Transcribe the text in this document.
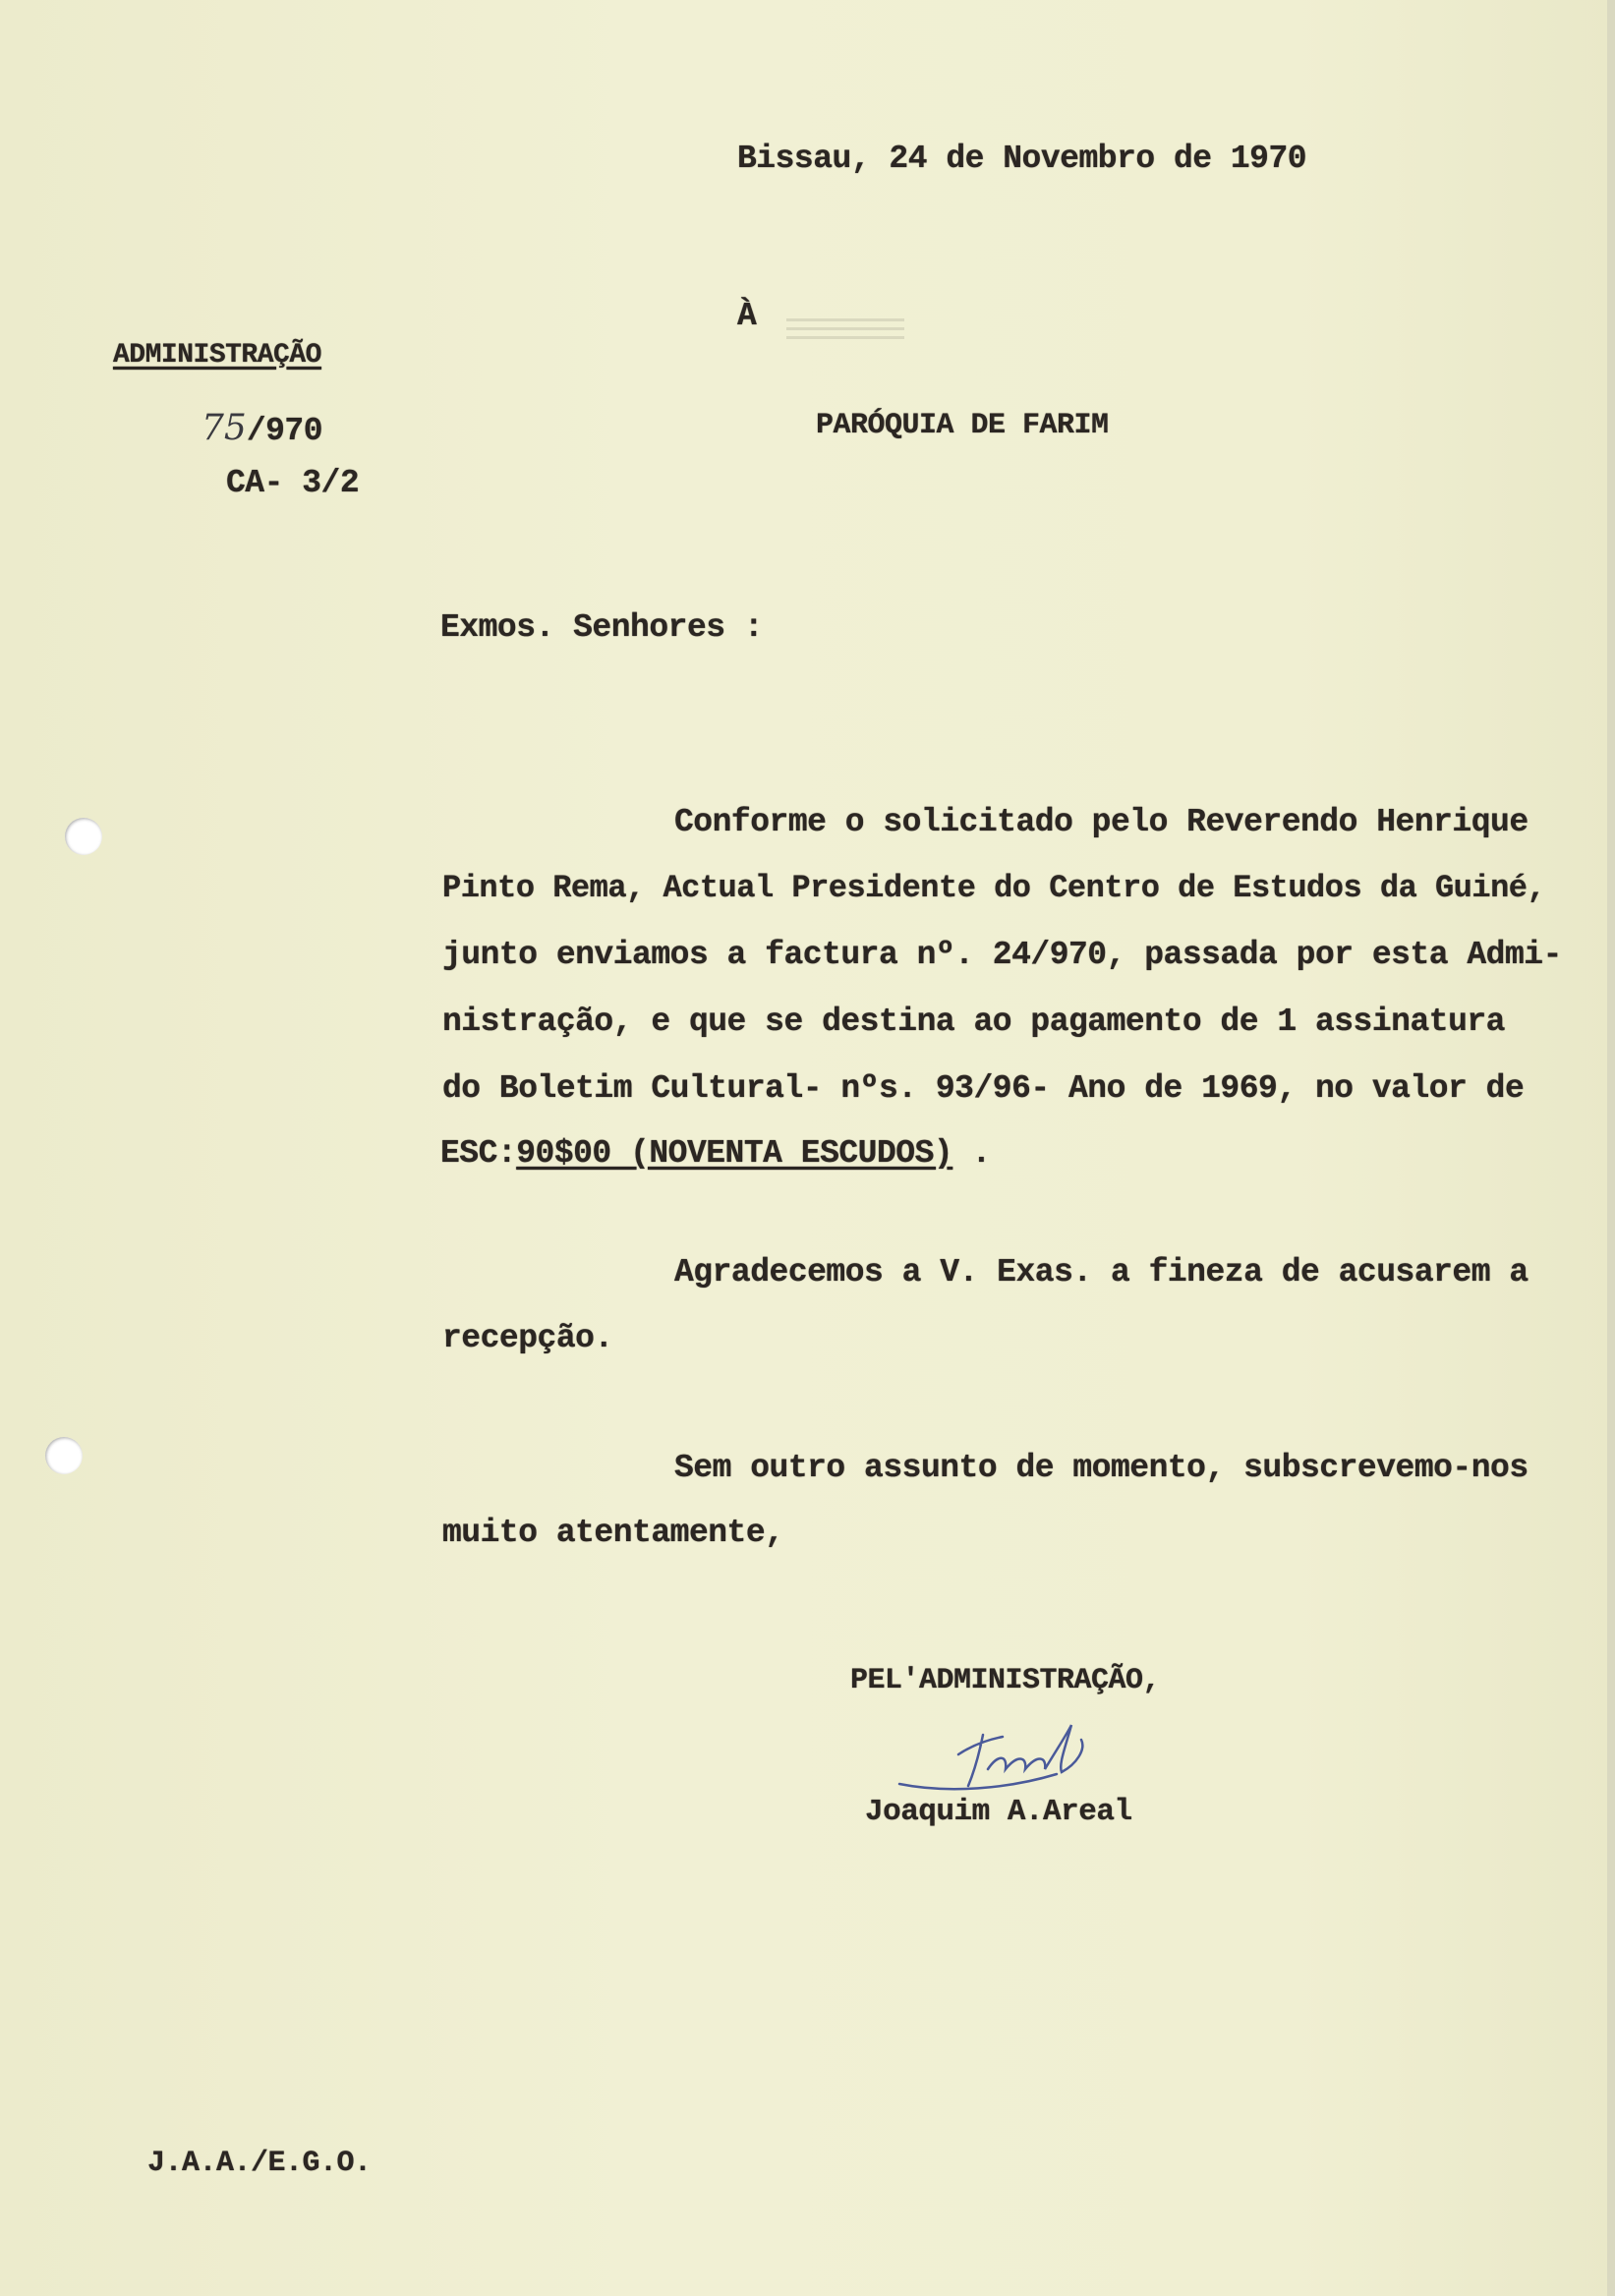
Bissau, 24 de Novembro de 1970
À
ADMINISTRAÇÃO
75/970
CA- 3/2
PARÓQUIA DE FARIM
Exmos. Senhores :
Conforme o solicitado pelo Reverendo Henrique
Pinto Rema, Actual Presidente do Centro de Estudos da Guiné,
junto enviamos a factura nº. 24/970, passada por esta Admi-
nistração, e que se destina ao pagamento de 1 assinatura
do Boletim Cultural- nºs. 93/96- Ano de 1969, no valor de
ESC:90$00 (NOVENTA ESCUDOS) .
Agradecemos a V. Exas. a fineza de acusarem a
recepção.
Sem outro assunto de momento, subscrevemo-nos
muito atentamente,
PEL'ADMINISTRAÇÃO,
Joaquim A.Areal
J.A.A./E.G.O.
